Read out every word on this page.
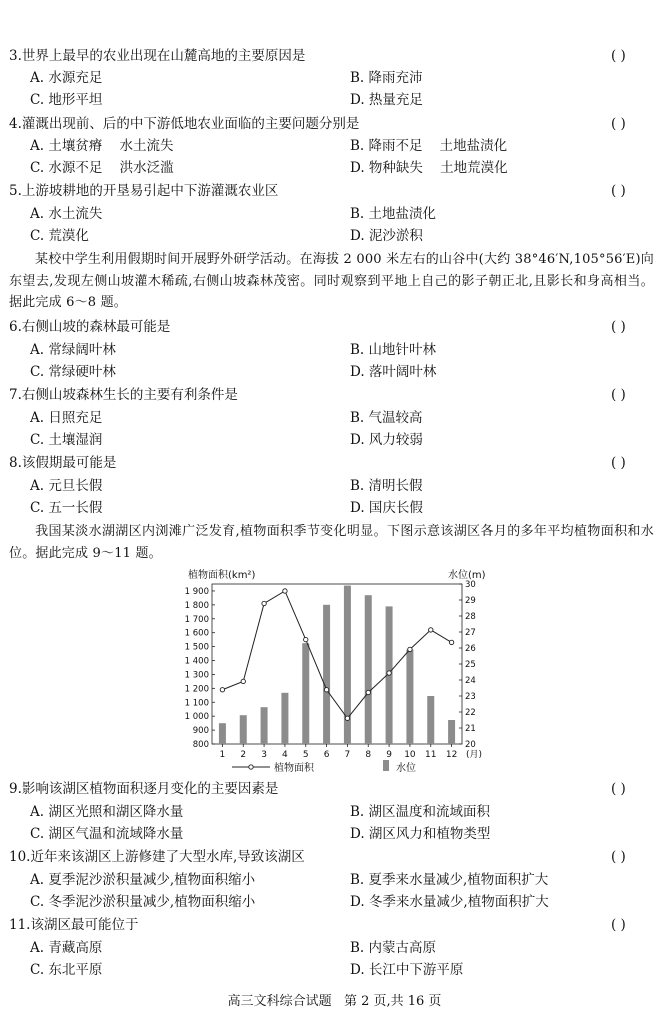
3.世界上最早的农业出现在山麓高地的主要原因是	( )
A. 水源充足	B. 降雨充沛
C. 地形平坦	D. 热量充足
4.灌溉出现前、后的中下游低地农业面临的主要问题分别是	( )
A. 土壤贫瘠    水土流失	B. 降雨不足    土地盐渍化
C. 水源不足    洪水泛滥	D. 物种缺失    土地荒漠化
5.上游坡耕地的开垦易引起中下游灌溉农业区	( )
A. 水土流失	B. 土地盐渍化
C. 荒漠化	D. 泥沙淤积
某校中学生利用假期时间开展野外研学活动。在海拔 2 000 米左右的山谷中(大约 38°46′N,105°56′E)向东望去,发现左侧山坡灌木稀疏,右侧山坡森林茂密。同时观察到平地上自己的影子朝正北,且影长和身高相当。据此完成 6～8 题。
6.右侧山坡的森林最可能是	( )
A. 常绿阔叶林	B. 山地针叶林
C. 常绿硬叶林	D. 落叶阔叶林
7.右侧山坡森林生长的主要有利条件是	( )
A. 日照充足	B. 气温较高
C. 土壤湿润	D. 风力较弱
8.该假期最可能是	( )
A. 元旦长假	B. 清明长假
C. 五一长假	D. 国庆长假
我国某淡水湖湖区内浏滩广泛发育,植物面积季节变化明显。下图示意该湖区各月的多年平均植物面积和水位。据此完成 9～11 题。
植物面积(km²)	水位(m)
800
900
1 000
1 100
1 200
1 300
1 400
1 500
1 600
1 700
1 800
1 900
20
21
22
23
24
25
26
27
28
29
30
1 2 3 4 5 6 7 8 9 10 11 12 (月)
植物面积	水位
9.影响该湖区植物面积逐月变化的主要因素是	( )
A. 湖区光照和湖区降水量	B. 湖区温度和流域面积
C. 湖区气温和流域降水量	D. 湖区风力和植物类型
10.近年来该湖区上游修建了大型水库,导致该湖区	( )
A. 夏季泥沙淤积量减少,植物面积缩小	B. 夏季来水量减少,植物面积扩大
C. 冬季泥沙淤积量减少,植物面积缩小	D. 冬季来水量减少,植物面积扩大
11.该湖区最可能位于	( )
A. 青藏高原	B. 内蒙古高原
C. 东北平原	D. 长江中下游平原
高三文科综合试题   第 2 页,共 16 页
